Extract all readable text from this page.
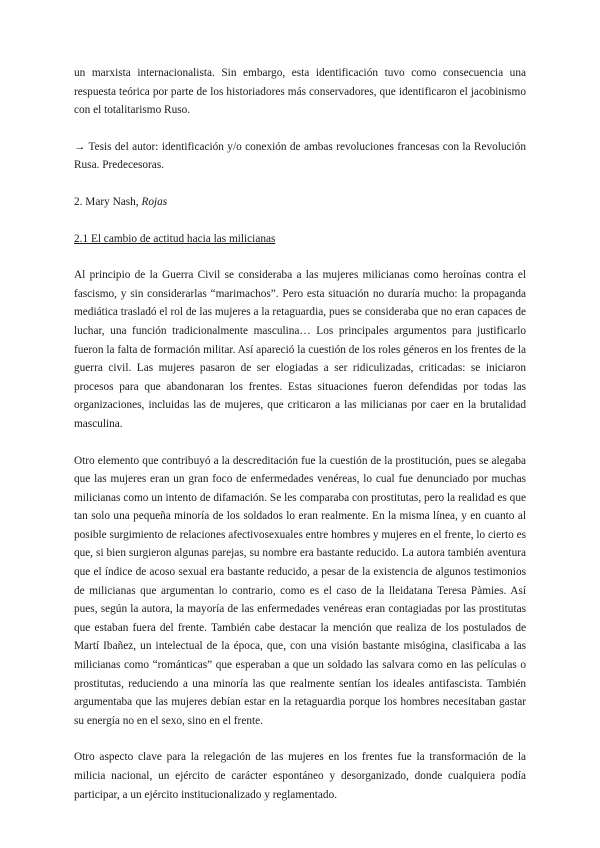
un marxista internacionalista. Sin embargo, esta identificación tuvo como consecuencia una respuesta teórica por parte de los historiadores más conservadores, que identificaron el jacobinismo con el totalitarismo Ruso.

→ Tesis del autor: identificación y/o conexión de ambas revoluciones francesas con la Revolución Rusa. Predecesoras.

2. Mary Nash, Rojas

2.1 El cambio de actitud hacia las milicianas

Al principio de la Guerra Civil se consideraba a las mujeres milicianas como heroínas contra el fascismo, y sin considerarlas “marimachos”. Pero esta situación no duraría mucho: la propaganda mediática trasladó el rol de las mujeres a la retaguardia, pues se consideraba que no eran capaces de luchar, una función tradicionalmente masculina… Los principales argumentos para justificarlo fueron la falta de formación militar. Así apareció la cuestión de los roles géneros en los frentes de la guerra civil. Las mujeres pasaron de ser elogiadas a ser ridiculizadas, criticadas: se iniciaron procesos para que abandonaran los frentes. Estas situaciones fueron defendidas por todas las organizaciones, incluidas las de mujeres, que criticaron a las milicianas por caer en la brutalidad masculina.

Otro elemento que contribuyó a la descreditación fue la cuestión de la prostitución, pues se alegaba que las mujeres eran un gran foco de enfermedades venéreas, lo cual fue denunciado por muchas milicianas como un intento de difamación. Se les comparaba con prostitutas, pero la realidad es que tan solo una pequeña minoría de los soldados lo eran realmente. En la misma línea, y en cuanto al posible surgimiento de relaciones afectivosexuales entre hombres y mujeres en el frente, lo cierto es que, si bien surgieron algunas parejas, su nombre era bastante reducido. La autora también aventura que el índice de acoso sexual era bastante reducido, a pesar de la existencia de algunos testimonios de milicianas que argumentan lo contrario, como es el caso de la lleidatana Teresa Pàmies. Así pues, según la autora, la mayoría de las enfermedades venéreas eran contagiadas por las prostitutas que estaban fuera del frente. También cabe destacar la mención que realiza de los postulados de Martí Ibañez, un intelectual de la época, que, con una visión bastante misógina, clasificaba a las milicianas como “románticas” que esperaban a que un soldado las salvara como en las películas o prostitutas, reduciendo a una minoría las que realmente sentían los ideales antifascista. También argumentaba que las mujeres debían estar en la retaguardia porque los hombres necesitaban gastar su energía no en el sexo, sino en el frente.

Otro aspecto clave para la relegación de las mujeres en los frentes fue la transformación de la milicia nacional, un ejército de carácter espontáneo y desorganizado, donde cualquiera podía participar, a un ejército institucionalizado y reglamentado.
